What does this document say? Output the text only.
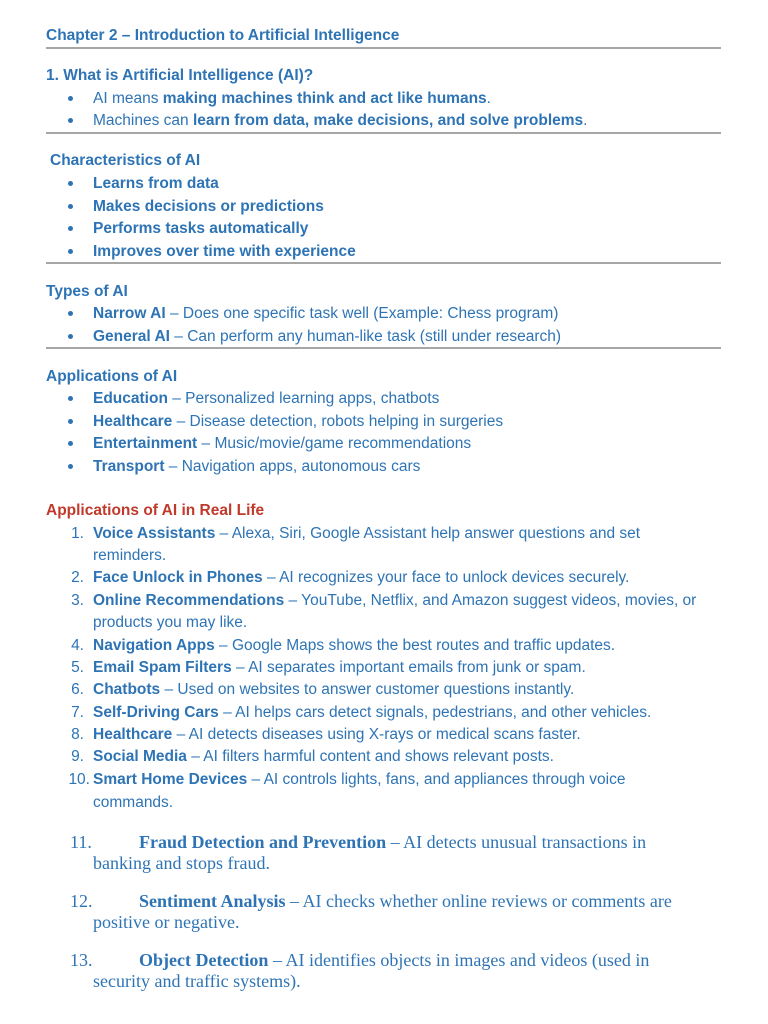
Chapter 2 – Introduction to Artificial Intelligence
1. What is Artificial Intelligence (AI)?
AI means making machines think and act like humans.
Machines can learn from data, make decisions, and solve problems.
Characteristics of AI
Learns from data
Makes decisions or predictions
Performs tasks automatically
Improves over time with experience
Types of AI
Narrow AI – Does one specific task well (Example: Chess program)
General AI – Can perform any human-like task (still under research)
Applications of AI
Education – Personalized learning apps, chatbots
Healthcare – Disease detection, robots helping in surgeries
Entertainment – Music/movie/game recommendations
Transport – Navigation apps, autonomous cars
Applications of AI in Real Life
1. Voice Assistants – Alexa, Siri, Google Assistant help answer questions and set
reminders.
2. Face Unlock in Phones – AI recognizes your face to unlock devices securely.
3. Online Recommendations – YouTube, Netflix, and Amazon suggest videos, movies, or
products you may like.
4. Navigation Apps – Google Maps shows the best routes and traffic updates.
5. Email Spam Filters – AI separates important emails from junk or spam.
6. Chatbots – Used on websites to answer customer questions instantly.
7. Self-Driving Cars – AI helps cars detect signals, pedestrians, and other vehicles.
8. Healthcare – AI detects diseases using X-rays or medical scans faster.
9. Social Media – AI filters harmful content and shows relevant posts.
10. Smart Home Devices – AI controls lights, fans, and appliances through voice
commands.
11.	Fraud Detection and Prevention – AI detects unusual transactions in
banking and stops fraud.
12.	Sentiment Analysis – AI checks whether online reviews or comments are
positive or negative.
13.	Object Detection – AI identifies objects in images and videos (used in
security and traffic systems).
